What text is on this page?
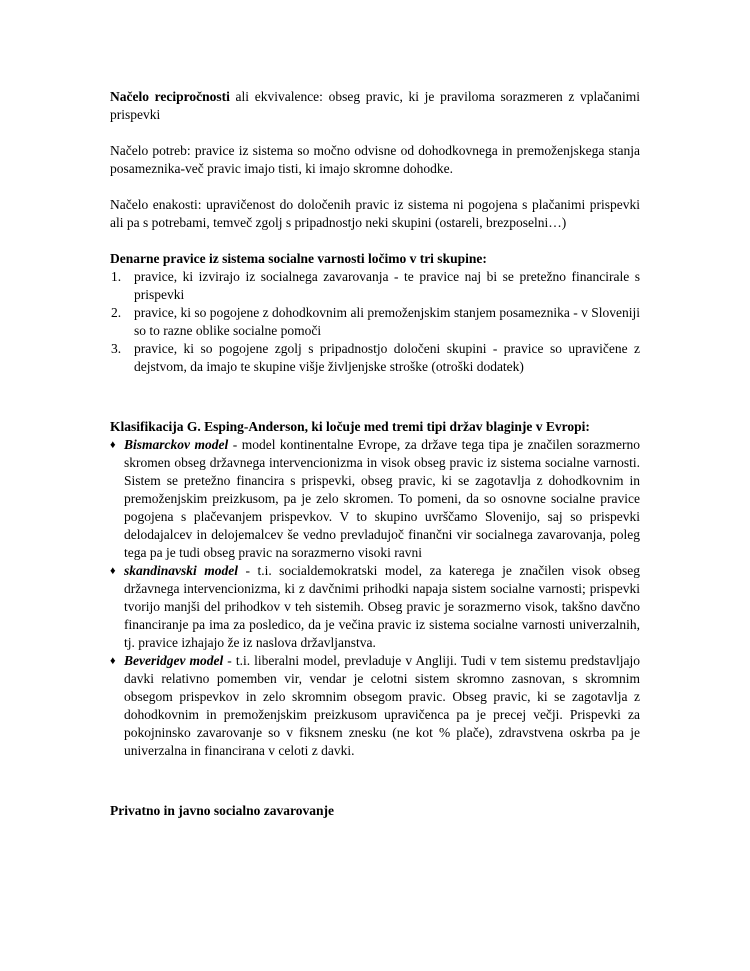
Načelo recipročnosti ali ekvivalence: obseg pravic, ki je praviloma sorazmeren z vplačanimi prispevki

Načelo potreb: pravice iz sistema so močno odvisne od dohodkovnega in premoženjskega stanja posameznika-več pravic imajo tisti, ki imajo skromne dohodke.

Načelo enakosti: upravičenost do določenih pravic iz sistema ni pogojena s plačanimi prispevki ali pa s potrebami, temveč zgolj s pripadnostjo neki skupini (ostareli, brezposelni…)

Denarne pravice iz sistema socialne varnosti ločimo v tri skupine:
1. pravice, ki izvirajo iz socialnega zavarovanja - te pravice naj bi se pretežno financirale s prispevki
2. pravice, ki so pogojene z dohodkovnim ali premoženjskim stanjem posameznika - v Sloveniji so to razne oblike socialne pomoči
3. pravice, ki so pogojene zgolj s pripadnostjo določeni skupini - pravice so upravičene z dejstvom, da imajo te skupine višje življenjske stroške (otroški dodatek)
Klasifikacija G. Esping-Anderson, ki ločuje med tremi tipi držav blaginje v Evropi:
♦ Bismarckov model - model kontinentalne Evrope, za države tega tipa je značilen sorazmerno skromen obseg državnega intervencionizma in visok obseg pravic iz sistema socialne varnosti. Sistem se pretežno financira s prispevki, obseg pravic, ki se zagotavlja z dohodkovnim in premoženjskim preizkusom, pa je zelo skromen. To pomeni, da so osnovne socialne pravice pogojena s plačevanjem prispevkov. V to skupino uvrščamo Slovenijo, saj so prispevki delodajalcev in delojemalcev še vedno prevladujoč finančni vir socialnega zavarovanja, poleg tega pa je tudi obseg pravic na sorazmerno visoki ravni
♦ skandinavski model - t.i. socialdemokratski model, za katerega je značilen visok obseg državnega intervencionizma, ki z davčnimi prihodki napaja sistem socialne varnosti; prispevki tvorijo manjši del prihodkov v teh sistemih. Obseg pravic je sorazmerno visok, takšno davčno financiranje pa ima za posledico, da je večina pravic iz sistema socialne varnosti univerzalnih, tj. pravice izhajajo že iz naslova državljanstva.
♦ Beveridgev model - t.i. liberalni model, prevladuje v Angliji. Tudi v tem sistemu predstavljajo davki relativno pomemben vir, vendar je celotni sistem skromno zasnovan, s skromnim obsegom prispevkov in zelo skromnim obsegom pravic. Obseg pravic, ki se zagotavlja z dohodkovnim in premoženjskim preizkusom upravičenca pa je precej večji. Prispevki za pokojninsko zavarovanje so v fiksnem znesku (ne kot % plače), zdravstvena oskrba pa je univerzalna in financirana v celoti z davki.
Privatno in javno socialno zavarovanje
